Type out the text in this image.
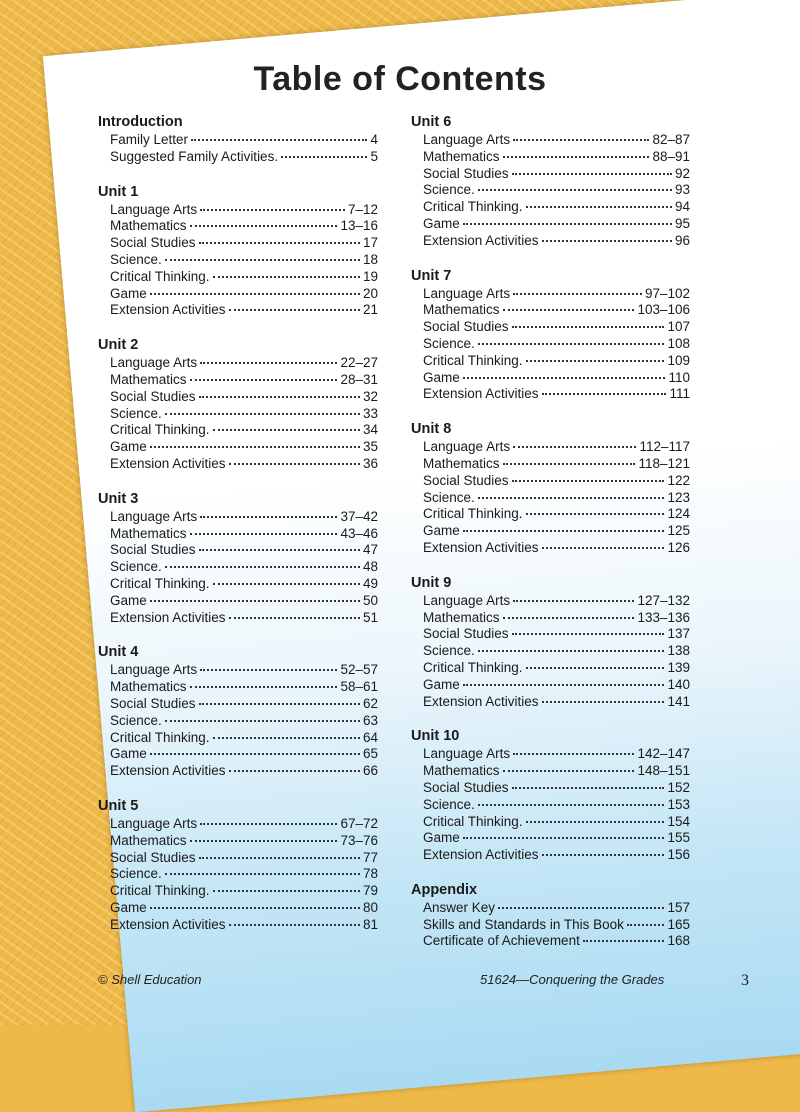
Table of Contents
Introduction
Family Letter	4
Suggested Family Activities.	5
Unit 1
Language Arts	7–12
Mathematics	13–16
Social Studies	17
Science.	18
Critical Thinking.	19
Game	20
Extension Activities	21
Unit 2
Language Arts	22–27
Mathematics	28–31
Social Studies	32
Science.	33
Critical Thinking.	34
Game	35
Extension Activities	36
Unit 3
Language Arts	37–42
Mathematics	43–46
Social Studies	47
Science.	48
Critical Thinking.	49
Game	50
Extension Activities	51
Unit 4
Language Arts	52–57
Mathematics	58–61
Social Studies	62
Science.	63
Critical Thinking.	64
Game	65
Extension Activities	66
Unit 5
Language Arts	67–72
Mathematics	73–76
Social Studies	77
Science.	78
Critical Thinking.	79
Game	80
Extension Activities	81
Unit 6
Language Arts	82–87
Mathematics	88–91
Social Studies	92
Science.	93
Critical Thinking.	94
Game	95
Extension Activities	96
Unit 7
Language Arts	97–102
Mathematics	103–106
Social Studies	107
Science.	108
Critical Thinking.	109
Game	110
Extension Activities	111
Unit 8
Language Arts	112–117
Mathematics	118–121
Social Studies	122
Science.	123
Critical Thinking.	124
Game	125
Extension Activities	126
Unit 9
Language Arts	127–132
Mathematics	133–136
Social Studies	137
Science.	138
Critical Thinking.	139
Game	140
Extension Activities	141
Unit 10
Language Arts	142–147
Mathematics	148–151
Social Studies	152
Science.	153
Critical Thinking.	154
Game	155
Extension Activities	156
Appendix
Answer Key	157
Skills and Standards in This Book	165
Certificate of Achievement	168
© Shell Education	51624—Conquering the Grades	3
